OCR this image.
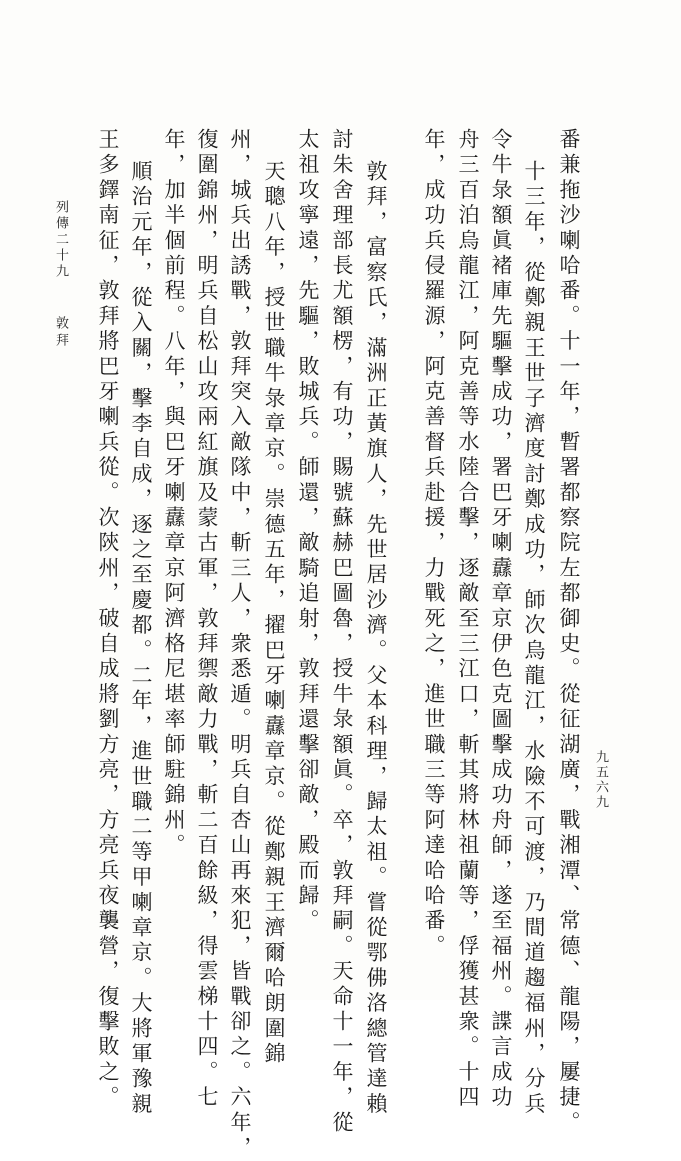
番兼拖沙喇哈番。十一年，暫署都察院左都御史。從征湖廣，戰湘潭、常德、龍陽，屢捷。
十三年，從鄭親王世子濟度討鄭成功，師次烏龍江，水險不可渡，乃間道趨福州，分兵
令牛彔額眞褚庫先驅擊成功，署巴牙喇纛章京伊色克圖擊成功舟師，遂至福州。諜言成功
舟三百泊烏龍江，阿克善等水陸合擊，逐敵至三江口，斬其將林祖蘭等，俘獲甚衆。十四
年，成功兵侵羅源，阿克善督兵赴援，力戰死之，進世職三等阿達哈哈番。
敦拜，富察氏，滿洲正黃旗人，先世居沙濟。父本科理，歸太祖。嘗從鄂佛洛總管達賴
討朱舍理部長尤額楞，有功，賜號蘇赫巴圖魯，授牛彔額眞。卒，敦拜嗣。天命十一年，從
太祖攻寧遠，先驅，敗城兵。師還，敵騎追射，敦拜還擊卻敵，殿而歸。
天聰八年，授世職牛彔章京。崇德五年，擢巴牙喇纛章京。從鄭親王濟爾哈朗圍錦
州，城兵出誘戰，敦拜突入敵隊中，斬三人，衆悉遁。明兵自杏山再來犯，皆戰卻之。六年，
復圍錦州，明兵自松山攻兩紅旗及蒙古軍，敦拜禦敵力戰，斬二百餘級，得雲梯十四。七
年，加半個前程。八年，與巴牙喇纛章京阿濟格尼堪率師駐錦州。
順治元年，從入關，擊李自成，逐之至慶都。二年，進世職二等甲喇章京。大將軍豫親
王多鐸南征，敦拜將巴牙喇兵從。次陝州，破自成將劉方亮，方亮兵夜襲營，復擊敗之。
列傳二十九
敦拜
九五六九
